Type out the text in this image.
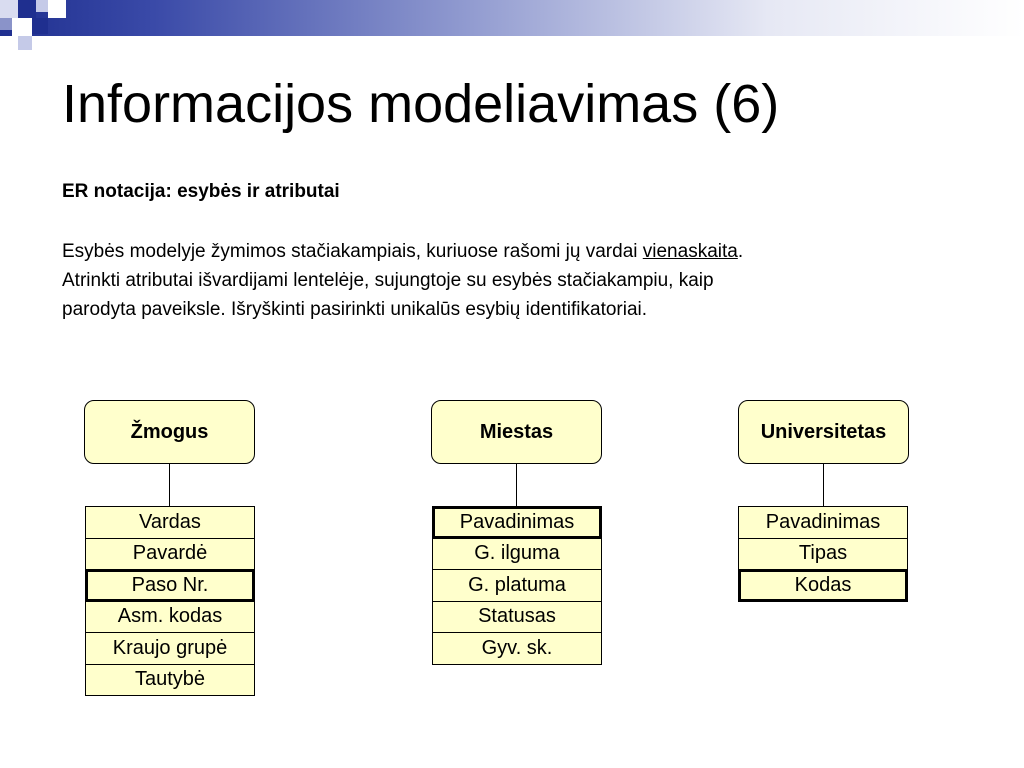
Informacijos modeliavimas (6)
ER notacija: esybės ir atributai
Esybės modelyje žymimos stačiakampiais, kuriuose rašomi jų vardai vienaskaita.
Atrinkti atributai išvardijami lentelėje, sujungtoje su esybės stačiakampiu, kaip
parodyta paveiksle. Išryškinti pasirinkti unikalūs esybių identifikatoriai.
Žmogus
Vardas
Pavardė
Paso Nr.
Asm. kodas
Kraujo grupė
Tautybė
Miestas
Pavadinimas
G. ilguma
G. platuma
Statusas
Gyv. sk.
Universitetas
Pavadinimas
Tipas
Kodas
